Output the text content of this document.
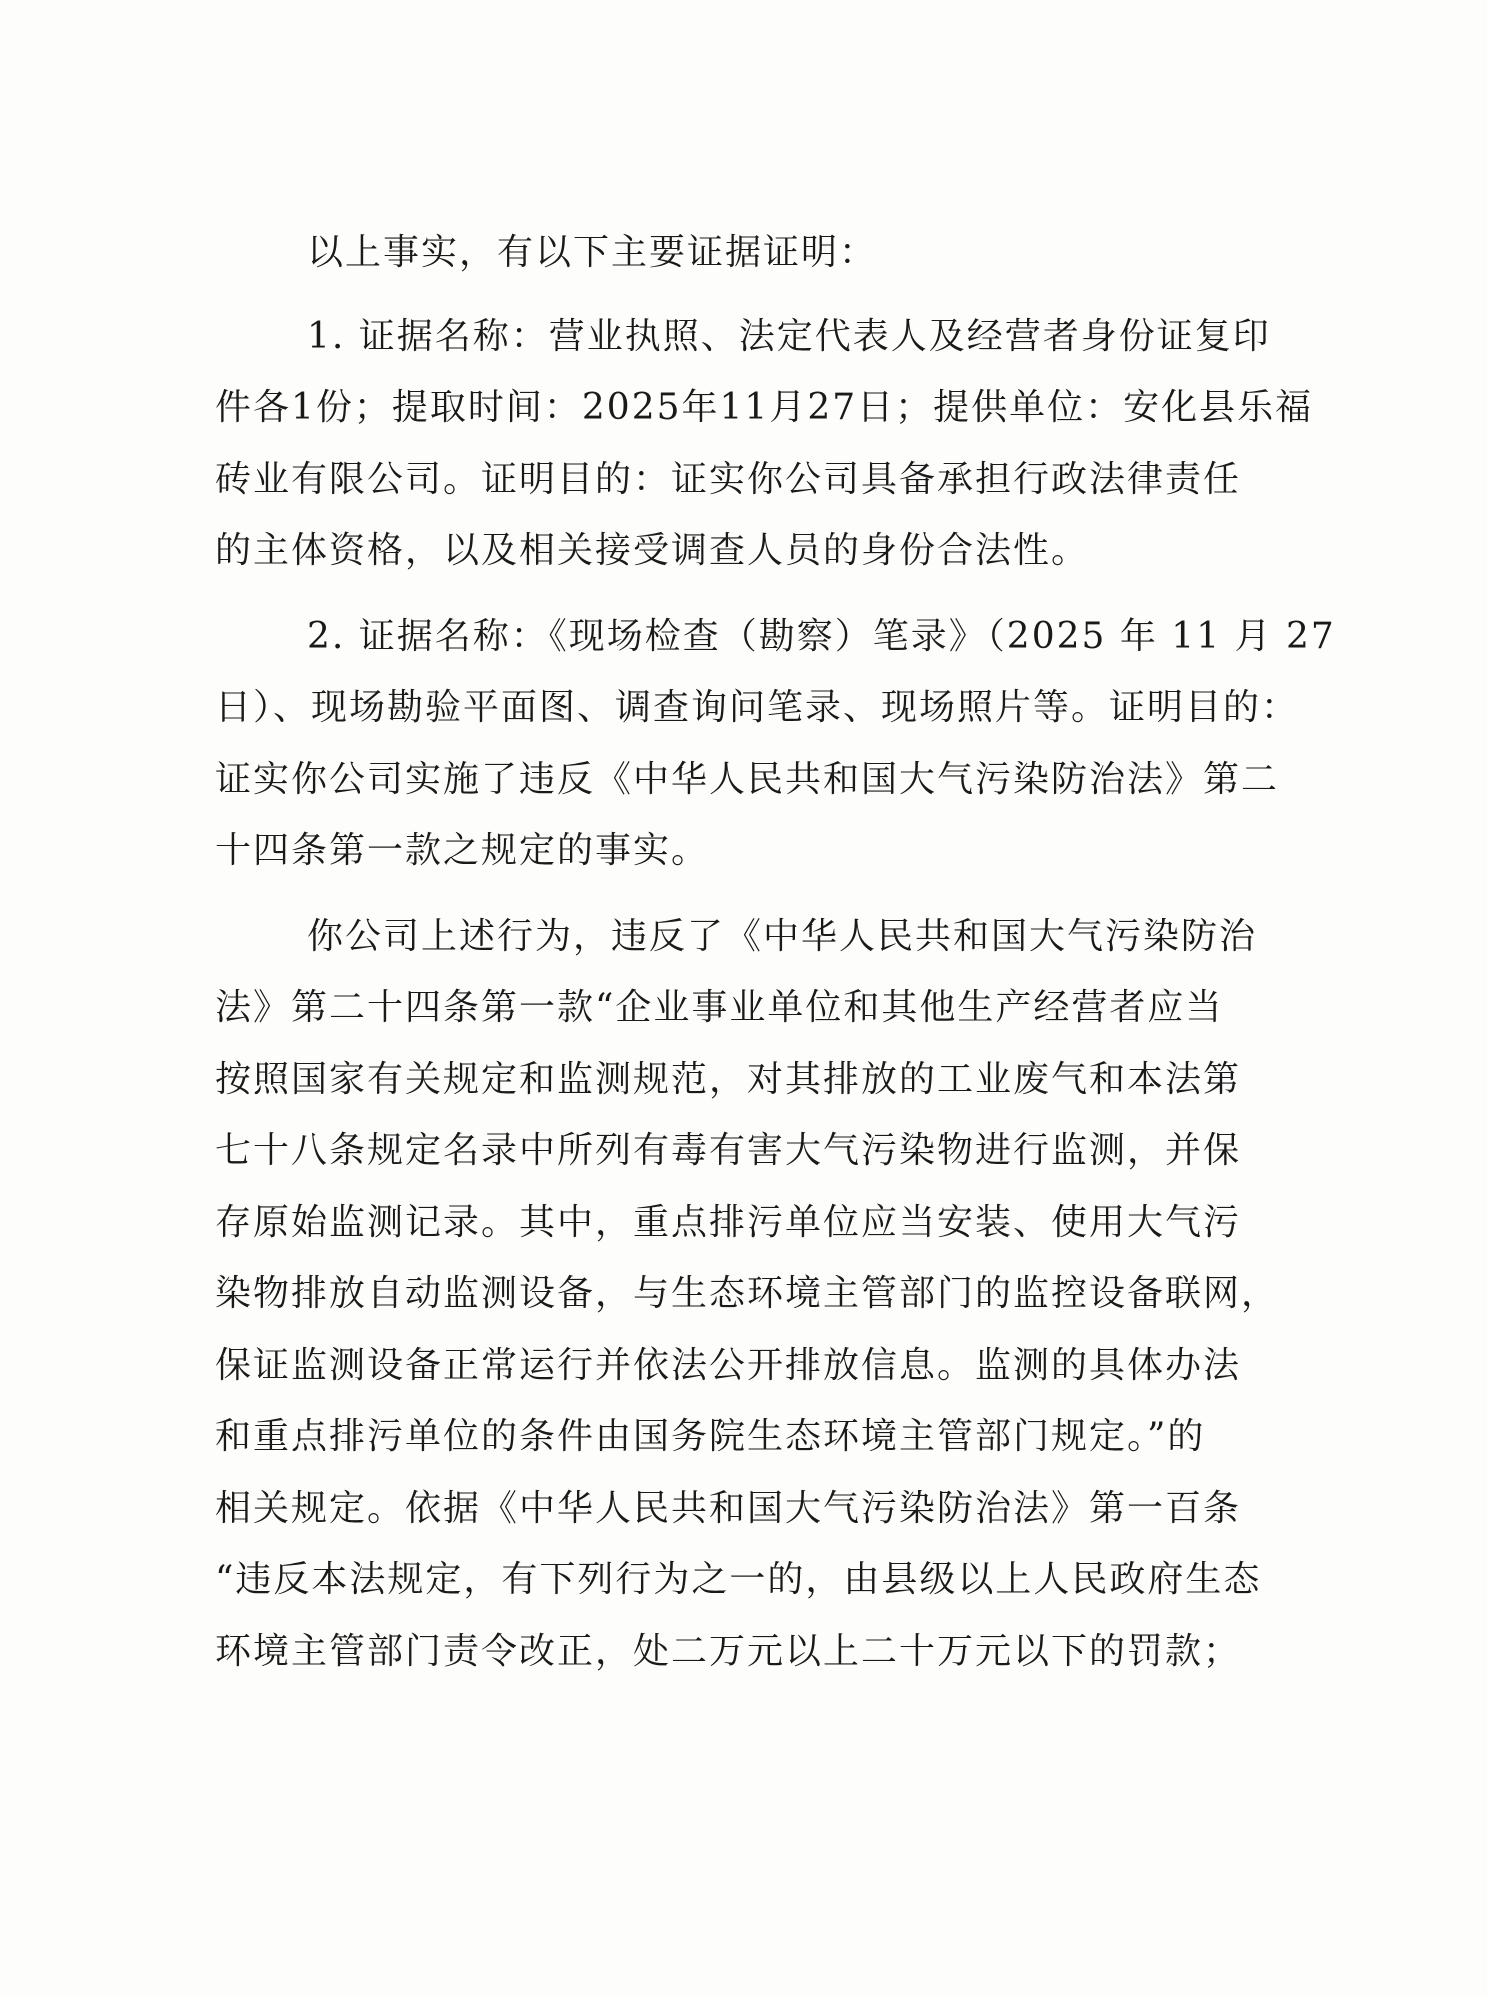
以上事实，有以下主要证据证明：
1. 证据名称：营业执照、法定代表人及经营者身份证复印
件各1份；提取时间：2025年11月27日；提供单位：安化县乐福
砖业有限公司。证明目的：证实你公司具备承担行政法律责任
的主体资格，以及相关接受调查人员的身份合法性。
2. 证据名称：《现场检查（勘察）笔录》（2025 年 11 月 27
日）、现场勘验平面图、调查询问笔录、现场照片等。证明目的：
证实你公司实施了违反《中华人民共和国大气污染防治法》第二
十四条第一款之规定的事实。
你公司上述行为，违反了《中华人民共和国大气污染防治
法》第二十四条第一款“企业事业单位和其他生产经营者应当
按照国家有关规定和监测规范，对其排放的工业废气和本法第
七十八条规定名录中所列有毒有害大气污染物进行监测，并保
存原始监测记录。其中，重点排污单位应当安装、使用大气污
染物排放自动监测设备，与生态环境主管部门的监控设备联网，
保证监测设备正常运行并依法公开排放信息。监测的具体办法
和重点排污单位的条件由国务院生态环境主管部门规定。”的
相关规定。依据《中华人民共和国大气污染防治法》第一百条
“违反本法规定，有下列行为之一的，由县级以上人民政府生态
环境主管部门责令改正，处二万元以上二十万元以下的罚款；
